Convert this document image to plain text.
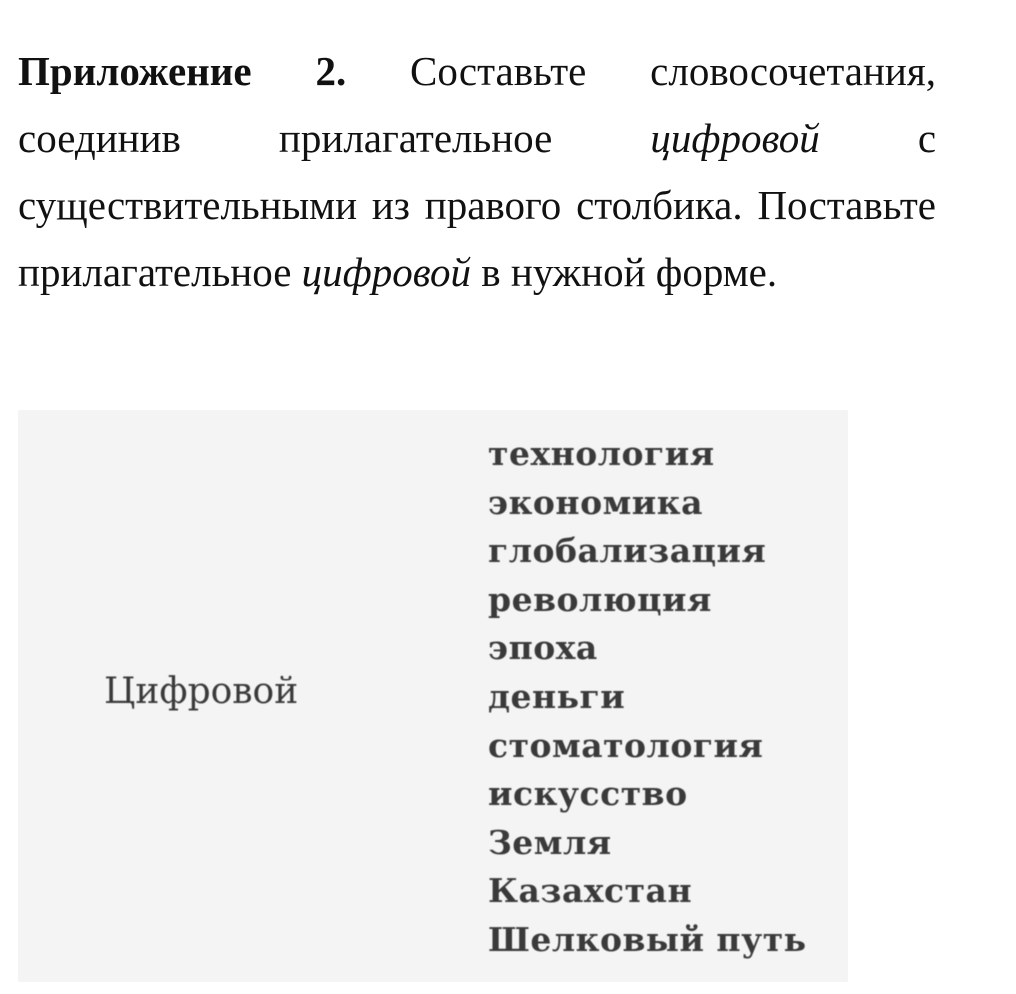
Приложение 2. Составьте словосочетания, соединив прилагательное цифровой с существительными из правого столбика. Поставьте прилагательное цифровой в нужной форме.
Цифровой
технология
экономика
глобализация
революция
эпоха
деньги
стоматология
искусство
Земля
Казахстан
Шелковый путь
